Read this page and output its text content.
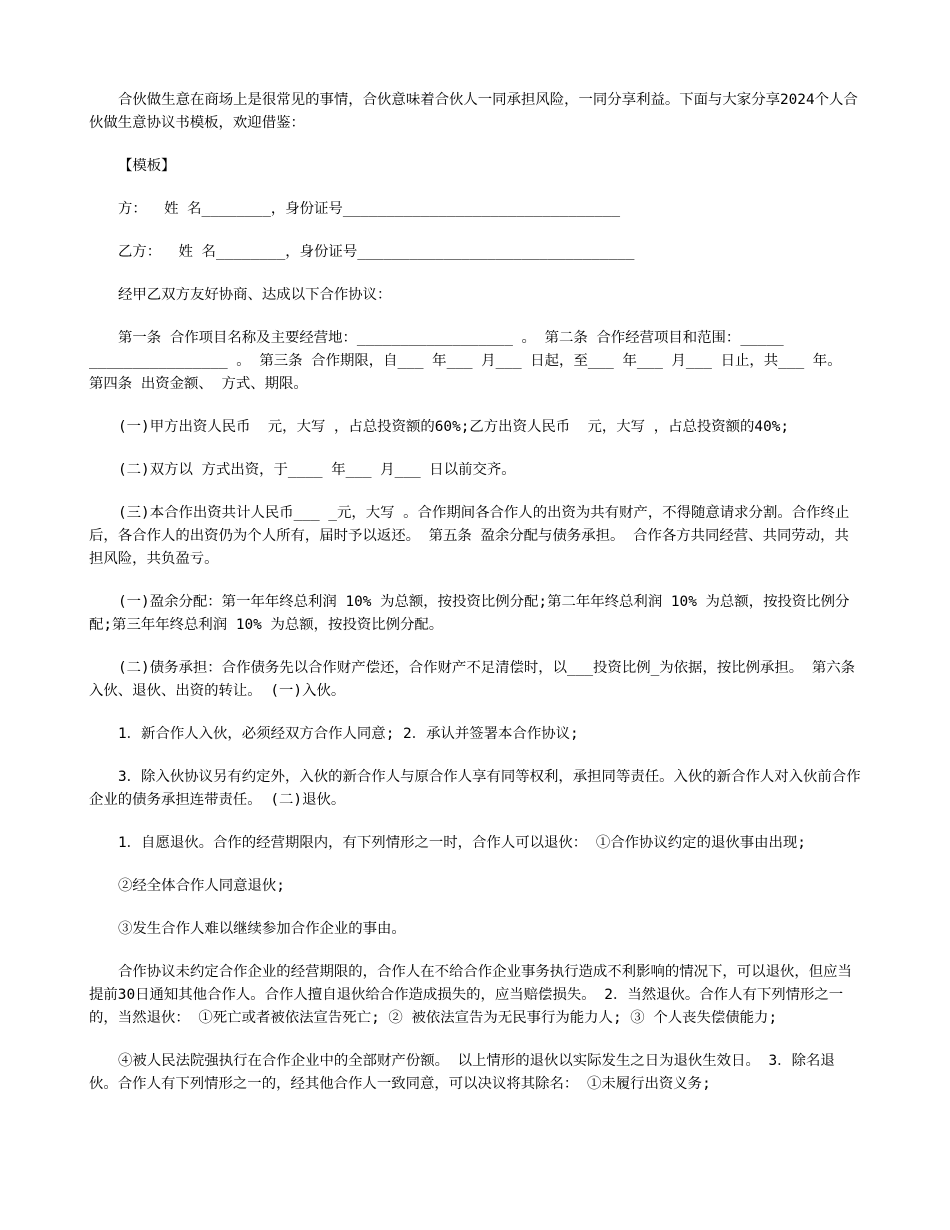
合伙做生意在商场上是很常见的事情，合伙意味着合伙人一同承担风险，一同分享利益。下面与大家分享2024个人合伙做生意协议书模板，欢迎借鉴：

【模板】

方：  姓 名________，身份证号________________________________

乙方：  姓 名________，身份证号________________________________

经甲乙双方友好协商、达成以下合作协议：

第一条 合作项目名称及主要经营地：__________________ 。 第二条 合作经营项目和范围：_____ ________________ 。 第三条 合作期限，自___ 年___ 月___ 日起，至___ 年___ 月___ 日止，共___ 年。 第四条 出资金额、 方式、期限。

(一)甲方出资人民币  元，大写 ，占总投资额的60%;乙方出资人民币  元，大写 ，占总投资额的40%;

(二)双方以 方式出资，于____ 年___ 月___ 日以前交齐。

(三)本合作出资共计人民币___ _元，大写 。合作期间各合作人的出资为共有财产，不得随意请求分割。合作终止后，各合作人的出资仍为个人所有，届时予以返还。 第五条 盈余分配与债务承担。 合作各方共同经营、共同劳动，共担风险，共负盈亏。

(一)盈余分配：第一年年终总利润 10% 为总额，按投资比例分配;第二年年终总利润 10% 为总额，按投资比例分配;第三年年终总利润 10% 为总额，按投资比例分配。

(二)债务承担：合作债务先以合作财产偿还，合作财产不足清偿时，以___投资比例_为依据，按比例承担。 第六条 入伙、退伙、出资的转让。 (一)入伙。

1．新合作人入伙，必须经双方合作人同意; 2．承认并签署本合作协议;

3．除入伙协议另有约定外，入伙的新合作人与原合作人享有同等权利，承担同等责任。入伙的新合作人对入伙前合作企业的债务承担连带责任。 (二)退伙。

1．自愿退伙。合作的经营期限内，有下列情形之一时，合作人可以退伙： ①合作协议约定的退伙事由出现;

②经全体合作人同意退伙;

③发生合作人难以继续参加合作企业的事由。

合作协议未约定合作企业的经营期限的，合作人在不给合作企业事务执行造成不利影响的情况下，可以退伙，但应当提前30日通知其他合作人。合作人擅自退伙给合作造成损失的，应当赔偿损失。 2．当然退伙。合作人有下列情形之一的，当然退伙： ①死亡或者被依法宣告死亡; ② 被依法宣告为无民事行为能力人; ③ 个人丧失偿债能力;

④被人民法院强执行在合作企业中的全部财产份额。 以上情形的退伙以实际发生之日为退伙生效日。 3．除名退伙。合作人有下列情形之一的，经其他合作人一致同意，可以决议将其除名： ①未履行出资义务;
